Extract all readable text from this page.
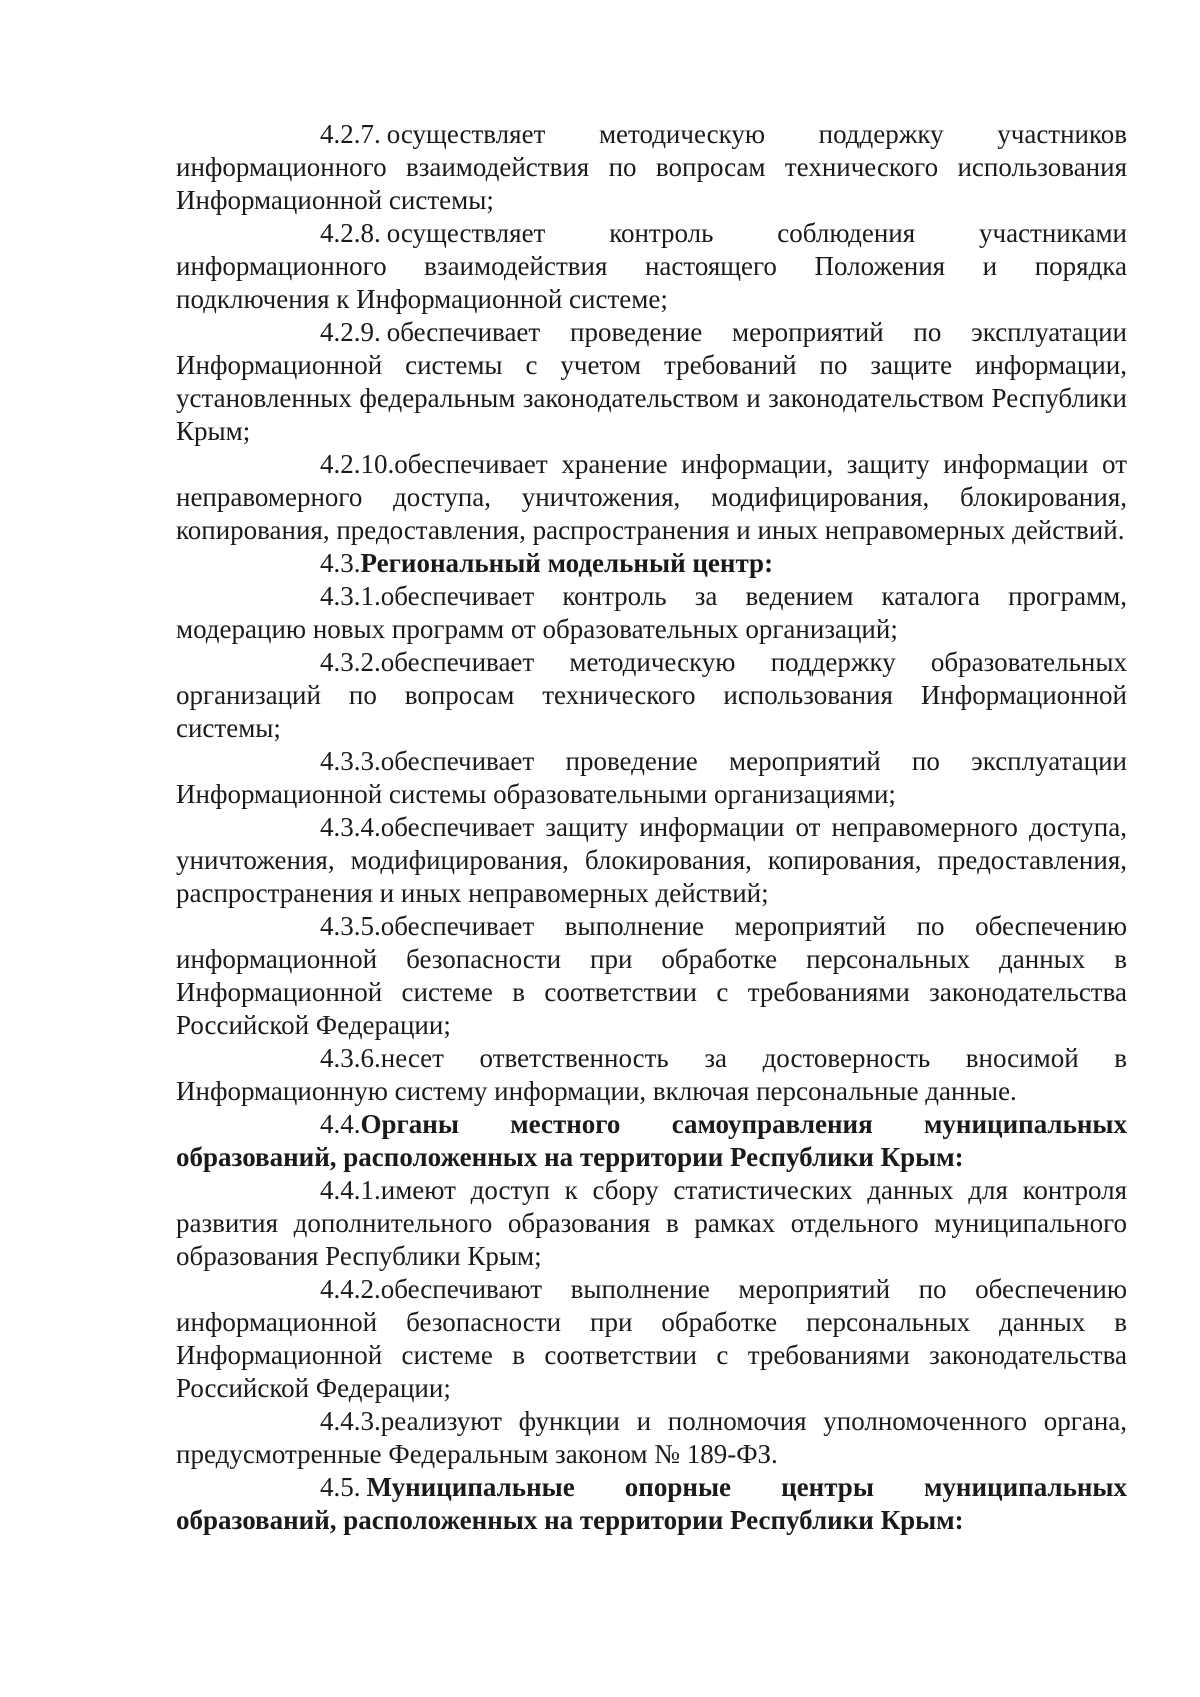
4.2.7. осуществляет методическую поддержку участников информационного взаимодействия по вопросам технического использования Информационной системы;

4.2.8. осуществляет контроль соблюдения участниками информационного взаимодействия настоящего Положения и порядка подключения к Информационной системе;

4.2.9. обеспечивает проведение мероприятий по эксплуатации Информационной системы с учетом требований по защите информации, установленных федеральным законодательством и законодательством Республики Крым;

4.2.10.обеспечивает хранение информации, защиту информации от неправомерного доступа, уничтожения, модифицирования, блокирования, копирования, предоставления, распространения и иных неправомерных действий.

4.3.Региональный модельный центр:

4.3.1.обеспечивает контроль за ведением каталога программ, модерацию новых программ от образовательных организаций;

4.3.2.обеспечивает методическую поддержку образовательных организаций по вопросам технического использования Информационной системы;

4.3.3.обеспечивает проведение мероприятий по эксплуатации Информационной системы образовательными организациями;

4.3.4.обеспечивает защиту информации от неправомерного доступа, уничтожения, модифицирования, блокирования, копирования, предоставления, распространения и иных неправомерных действий;

4.3.5.обеспечивает выполнение мероприятий по обеспечению информационной безопасности при обработке персональных данных в Информационной системе в соответствии с требованиями законодательства Российской Федерации;

4.3.6.несет ответственность за достоверность вносимой в Информационную систему информации, включая персональные данные.

4.4.Органы местного самоуправления муниципальных образований, расположенных на территории Республики Крым:

4.4.1.имеют доступ к сбору статистических данных для контроля развития дополнительного образования в рамках отдельного муниципального образования Республики Крым;

4.4.2.обеспечивают выполнение мероприятий по обеспечению информационной безопасности при обработке персональных данных в Информационной системе в соответствии с требованиями законодательства Российской Федерации;

4.4.3.реализуют функции и полномочия уполномоченного органа, предусмотренные Федеральным законом № 189-ФЗ.

4.5. Муниципальные опорные центры муниципальных образований, расположенных на территории Республики Крым:
